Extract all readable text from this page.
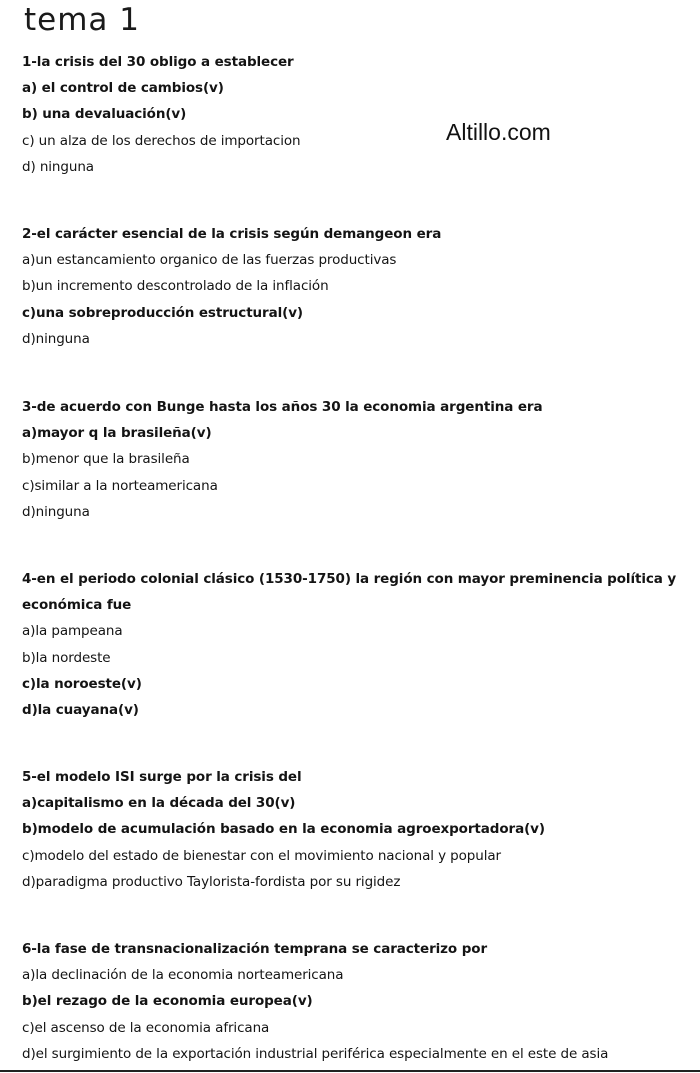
tema 1
Altillo.com
1-la crisis del 30 obligo a establecer
a) el control de cambios(v)
b) una devaluación(v)
c) un alza de los derechos de importacion
d) ninguna
2-el carácter esencial de la crisis según demangeon era
a)un estancamiento organico de las fuerzas productivas
b)un incremento descontrolado de la inflación
c)una sobreproducción estructural(v)
d)ninguna
3-de acuerdo con Bunge hasta los años 30 la economia argentina era
a)mayor q la brasileña(v)
b)menor que la brasileña
c)similar a la norteamericana
d)ninguna
4-en el periodo colonial clásico (1530-1750) la región con mayor preminencia política y
económica fue
a)la pampeana
b)la nordeste
c)la noroeste(v)
d)la cuayana(v)
5-el modelo ISI surge por la crisis del
a)capitalismo en la década del 30(v)
b)modelo de acumulación basado en la economia agroexportadora(v)
c)modelo del estado de bienestar con el movimiento nacional y popular
d)paradigma productivo Taylorista-fordista por su rigidez
6-la fase de transnacionalización temprana se caracterizo por
a)la declinación de la economia norteamericana
b)el rezago de la economia europea(v)
c)el ascenso de la economia africana
d)el surgimiento de la exportación industrial periférica especialmente en el este de asia
